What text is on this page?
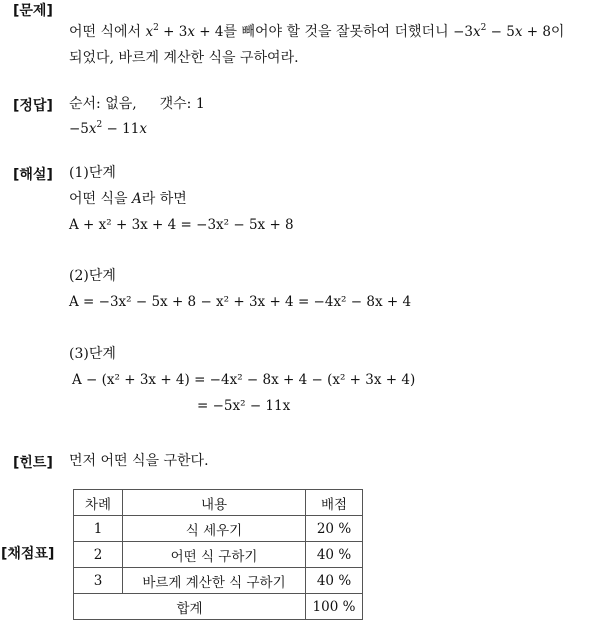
[문제]
어떤 식에서 $x^2 + 3x + 4$를 빼어야 할 것을 잘못하여 더했더니 $-3x^2 - 5x + 8$이
되었다, 바르게 계산한 식을 구하여라.
[정답] 순서: 없음, 갯수: 1
$-5x^2 - 11x$
[해설] (1)단계
어떤 식을 A라 하면
A + x² + 3x + 4 = −3x² − 5x + 8
(2)단계
A = −3x² − 5x + 8 − x² + 3x + 4 = −4x² − 8x + 4
(3)단계
A − (x² + 3x + 4) = −4x² − 8x + 4 − (x² + 3x + 4)
= −5x² − 11x
[힌트] 먼저 어떤 식을 구한다.
[채점표]
차례	내용	배점
1	식 세우기	20 %
2	어떤 식 구하기	40 %
3	바르게 계산한 식 구하기	40 %
합계		100 %
